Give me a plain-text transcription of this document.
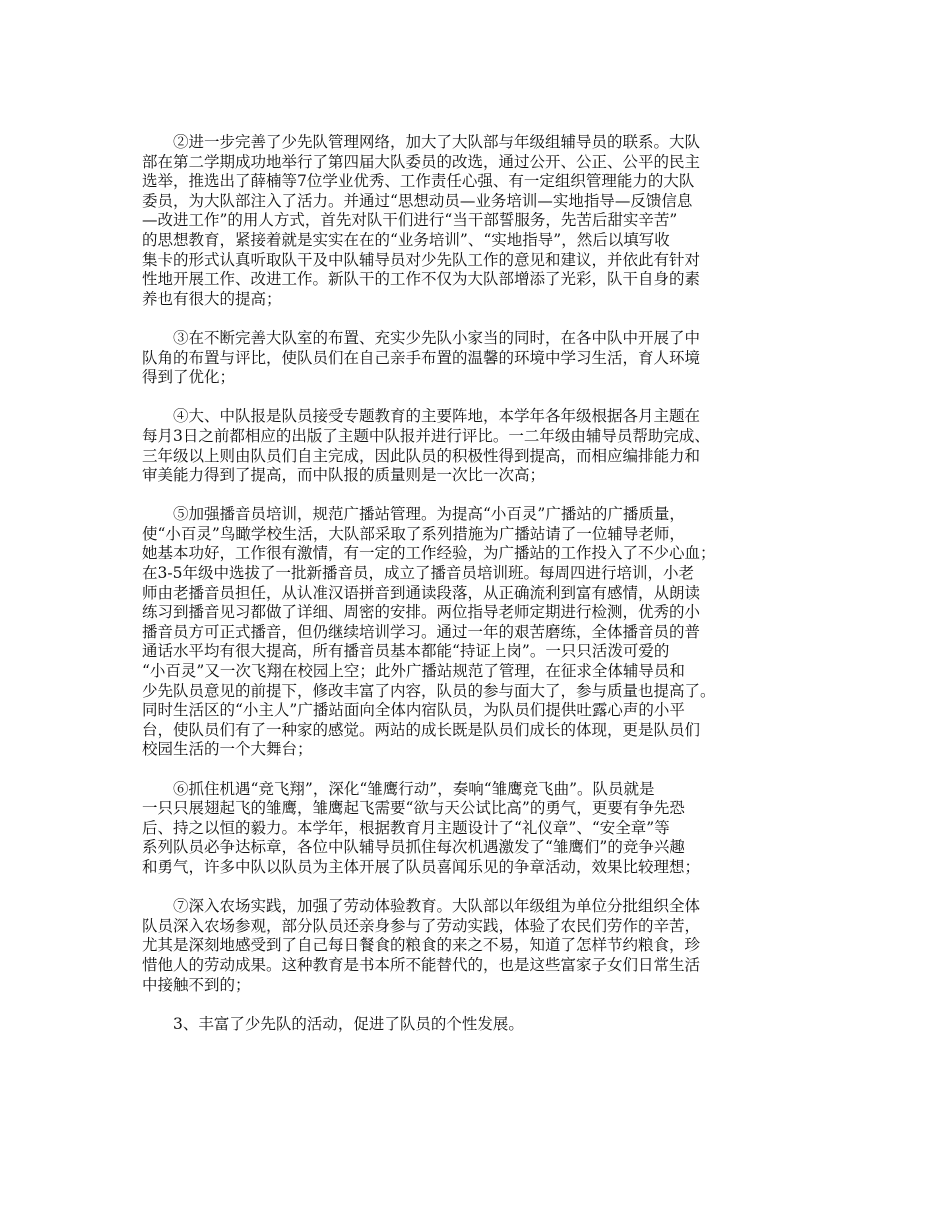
②进一步完善了少先队管理网络，加大了大队部与年级组辅导员的联系。大队
部在第二学期成功地举行了第四届大队委员的改选，通过公开、公正、公平的民主
选举，推选出了薛楠等7位学业优秀、工作责任心强、有一定组织管理能力的大队
委员，为大队部注入了活力。并通过“思想动员—业务培训—实地指导—反馈信息
—改进工作”的用人方式，首先对队干们进行“当干部誓服务，先苦后甜实辛苦”
的思想教育，紧接着就是实实在在的“业务培训”、“实地指导”，然后以填写收
集卡的形式认真听取队干及中队辅导员对少先队工作的意见和建议，并依此有针对
性地开展工作、改进工作。新队干的工作不仅为大队部增添了光彩，队干自身的素
养也有很大的提高；
③在不断完善大队室的布置、充实少先队小家当的同时，在各中队中开展了中
队角的布置与评比，使队员们在自己亲手布置的温馨的环境中学习生活，育人环境
得到了优化；
④大、中队报是队员接受专题教育的主要阵地，本学年各年级根据各月主题在
每月3日之前都相应的出版了主题中队报并进行评比。一二年级由辅导员帮助完成、
三年级以上则由队员们自主完成，因此队员的积极性得到提高，而相应编排能力和
审美能力得到了提高，而中队报的质量则是一次比一次高；
⑤加强播音员培训，规范广播站管理。为提高“小百灵”广播站的广播质量，
使“小百灵”鸟瞰学校生活，大队部采取了系列措施为广播站请了一位辅导老师，
她基本功好，工作很有激情，有一定的工作经验，为广播站的工作投入了不少心血；
在3-5年级中选拔了一批新播音员，成立了播音员培训班。每周四进行培训，小老
师由老播音员担任，从认准汉语拼音到通读段落，从正确流利到富有感情，从朗读
练习到播音见习都做了详细、周密的安排。两位指导老师定期进行检测，优秀的小
播音员方可正式播音，但仍继续培训学习。通过一年的艰苦磨练，全体播音员的普
通话水平均有很大提高，所有播音员基本都能“持证上岗”。一只只活泼可爱的
“小百灵”又一次飞翔在校园上空；此外广播站规范了管理，在征求全体辅导员和
少先队员意见的前提下，修改丰富了内容，队员的参与面大了，参与质量也提高了。
同时生活区的“小主人”广播站面向全体内宿队员，为队员们提供吐露心声的小平
台，使队员们有了一种家的感觉。两站的成长既是队员们成长的体现，更是队员们
校园生活的一个大舞台；
⑥抓住机遇“竞飞翔”，深化“雏鹰行动”，奏响“雏鹰竞飞曲”。队员就是
一只只展翅起飞的雏鹰，雏鹰起飞需要“欲与天公试比高”的勇气，更要有争先恐
后、持之以恒的毅力。本学年，根据教育月主题设计了“礼仪章”、“安全章”等
系列队员必争达标章，各位中队辅导员抓住每次机遇激发了“雏鹰们”的竞争兴趣
和勇气，许多中队以队员为主体开展了队员喜闻乐见的争章活动，效果比较理想；
⑦深入农场实践，加强了劳动体验教育。大队部以年级组为单位分批组织全体
队员深入农场参观，部分队员还亲身参与了劳动实践，体验了农民们劳作的辛苦，
尤其是深刻地感受到了自己每日餐食的粮食的来之不易，知道了怎样节约粮食，珍
惜他人的劳动成果。这种教育是书本所不能替代的，也是这些富家子女们日常生活
中接触不到的；
3、丰富了少先队的活动，促进了队员的个性发展。
